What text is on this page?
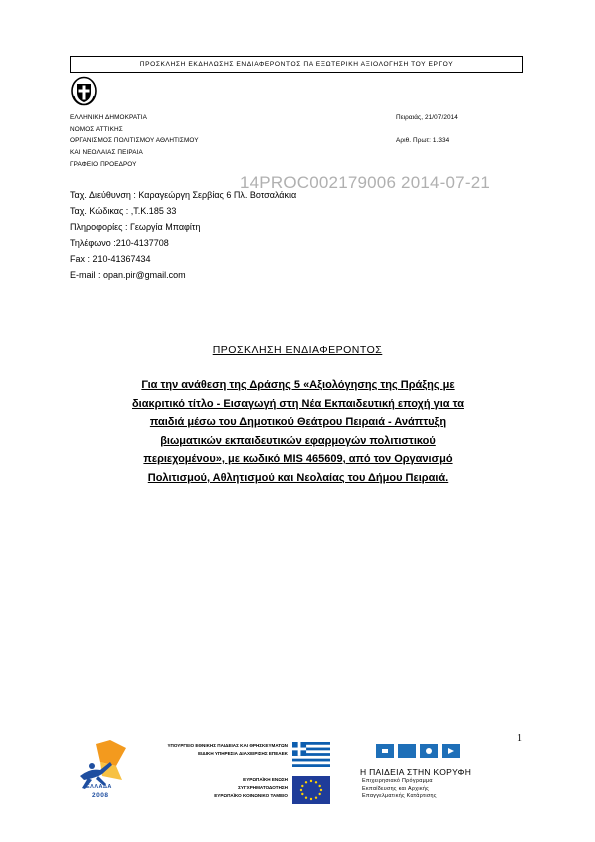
ΠΡΟΣΚΛΗΣΗ ΕΚΔΗΛΩΣΗΣ ΕΝΔΙΑΦΕΡΟΝΤΟΣ ΠΑ ΕΞΩΤΕΡΙΚΗ ΑΞΙΟΛΟΓΗΣΗ ΤΟΥ ΕΡΓΟΥ
ΕΛΛΗΝΙΚΗ ΔΗΜΟΚΡΑΤΙΑ
ΝΟΜΟΣ ΑΤΤΙΚΗΣ
ΟΡΓΑΝΙΣΜΟΣ ΠΟΛΙΤΙΣΜΟΥ ΑΘΛΗΤΙΣΜΟΥ
ΚΑΙ ΝΕΟΛΑΙΑΣ ΠΕΙΡΑΙΑ
ΓΡΑΦΕΙΟ ΠΡΟΕΔΡΟΥ
Πειραιάς, 21/07/2014
Αριθ. Πρωτ: 1.334
Ταχ. Διεύθυνση : Καραγεώργη Σερβίας 6 Πλ. Βοτσαλάκια
Ταχ. Κώδικας : ,Τ.Κ.185 33
Πληροφορίες : Γεωργία Μπαφίτη
Τηλέφωνο :210-4137708
Fax : 210-41367434
E-mail : opan.pir@gmail.com
14PROC002179006 2014-07-21
ΠΡΟΣΚΛΗΣΗ ΕΝΔΙΑΦΕΡΟΝΤΟΣ
Για την ανάθεση της Δράσης 5 «Αξιολόγησης της Πράξης με
διακριτικό τίτλο - Εισαγωγή στη Νέα Εκπαιδευτική εποχή για τα
παιδιά μέσω του Δημοτικού Θεάτρου Πειραιά - Ανάπτυξη
βιωματικών εκπαιδευτικών εφαρμογών πολιτιστικού
περιεχομένου», με κωδικό MIS 465609, από τον Οργανισμό
Πολιτισμού, Αθλητισμού και Νεολαίας του Δήμου Πειραιά.
1
ΕΛΛΑΔΑ
2008
ΥΠΟΥΡΓΕΙΟ ΕΘΝΙΚΗΣ ΠΑΙΔΕΙΑΣ ΚΑΙ ΘΡΗΣΚΕΥΜΑΤΩΝ
ΕΙΔΙΚΗ ΥΠΗΡΕΣΙΑ ΔΙΑΧΕΙΡΙΣΗΣ ΕΠΕΑΕΚ
ΕΥΡΩΠΑΪΚΗ ΕΝΩΣΗ
ΣΥΓΧΡΗΜΑΤΟΔΟΤΗΣΗ
ΕΥΡΩΠΑΪΚΟ ΚΟΙΝΩΝΙΚΟ ΤΑΜΕΙΟ
Η ΠΑΙΔΕΙΑ ΣΤΗΝ ΚΟΡΥΦΗ
Επιχειρησιακό Πρόγραμμα
Εκπαίδευσης και Αρχικής
Επαγγελματικής Κατάρτισης
